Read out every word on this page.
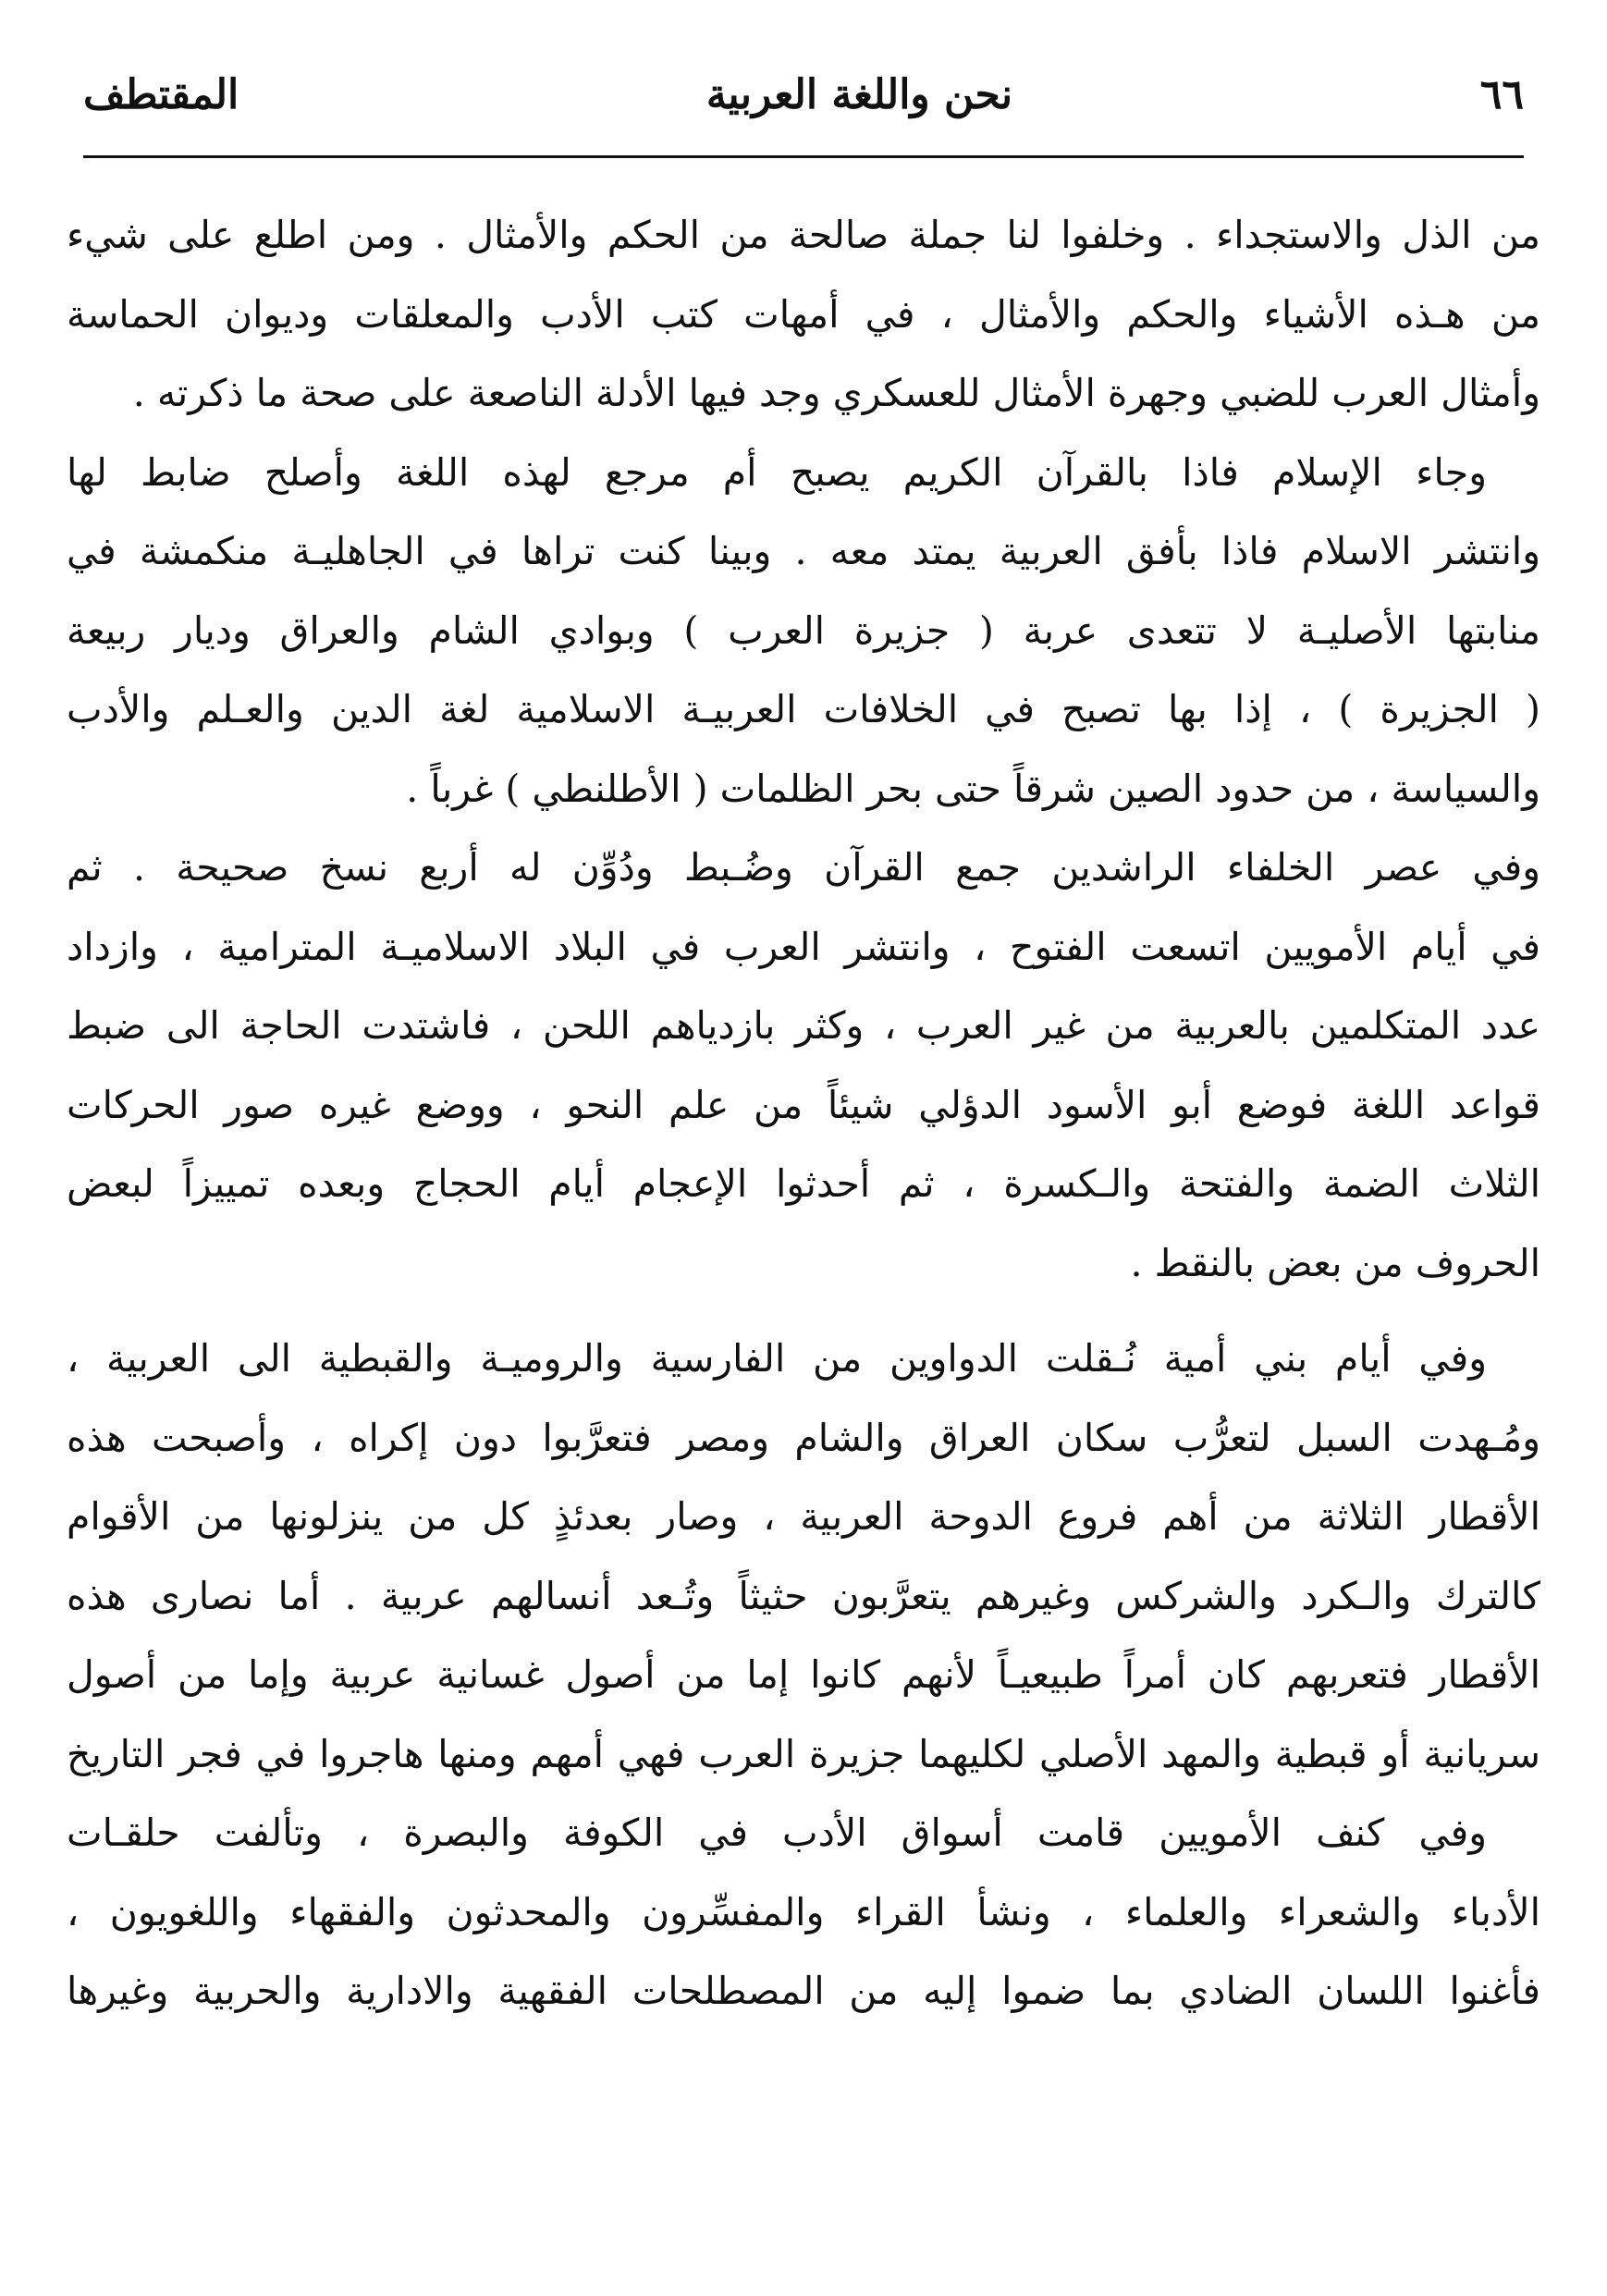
٦٦
نحن واللغة العربية
المقتطف
من الذل والاستجداء . وخلفوا لنا جملة صالحة من الحكم والأمثال . ومن اطلع على شيء
من هـذه الأشياء والحكم والأمثال ، في أمهات كتب الأدب والمعلقات وديوان الحماسة
وأمثال العرب للضبي وجهرة الأمثال للعسكري وجد فيها الأدلة الناصعة على صحة ما ذكرته .
وجاء الإسلام فاذا بالقرآن الكريم يصبح أم مرجع لهذه اللغة وأصلح ضابط لها
وانتشر الاسلام فاذا بأفق العربية يمتد معه . وبينا كنت تراها في الجاهليـة منكمشة في
منابتها الأصليـة لا تتعدى عربة ( جزيرة العرب ) وبوادي الشام والعراق وديار ربيعة
( الجزيرة ) ، إذا بها تصبح في الخلافات العربيـة الاسلامية لغة الدين والعـلم والأدب
والسياسة ، من حدود الصين شرقاً حتى بحر الظلمات ( الأطلنطي ) غرباً .
وفي عصر الخلفاء الراشدين جمع القرآن وضُـبط ودُوِّن له أربع نسخ صحيحة . ثم
في أيام الأمويين اتسعت الفتوح ، وانتشر العرب في البلاد الاسلاميـة المترامية ، وازداد
عدد المتكلمين بالعربية من غير العرب ، وكثر بازدياهم اللحن ، فاشتدت الحاجة الى ضبط
قواعد اللغة فوضع أبو الأسود الدؤلي شيئاً من علم النحو ، ووضع غيره صور الحركات
الثلاث الضمة والفتحة والـكسرة ، ثم أحدثوا الإعجام أيام الحجاج وبعده تمييزاً لبعض
الحروف من بعض بالنقط .
وفي أيام بني أمية نُـقلت الدواوين من الفارسية والروميـة والقبطية الى العربية ،
ومُـهدت السبل لتعرُّب سكان العراق والشام ومصر فتعرَّبوا دون إكراه ، وأصبحت هذه
الأقطار الثلاثة من أهم فروع الدوحة العربية ، وصار بعدئذٍ كل من ينزلونها من الأقوام
كالترك والـكرد والشركس وغيرهم يتعرَّبون حثيثاً وتُـعد أنسالهم عربية . أما نصارى هذه
الأقطار فتعربهم كان أمراً طبيعيـاً لأنهم كانوا إما من أصول غسانية عربية وإما من أصول
سريانية أو قبطية والمهد الأصلي لكليهما جزيرة العرب فهي أمهم ومنها هاجروا في فجر التاريخ
وفي كنف الأمويين قامت أسواق الأدب في الكوفة والبصرة ، وتألفت حلقـات
الأدباء والشعراء والعلماء ، ونشأ القراء والمفسِّرون والمحدثون والفقهاء واللغويون ،
فأغنوا اللسان الضادي بما ضموا إليه من المصطلحات الفقهية والادارية والحربية وغيرها
